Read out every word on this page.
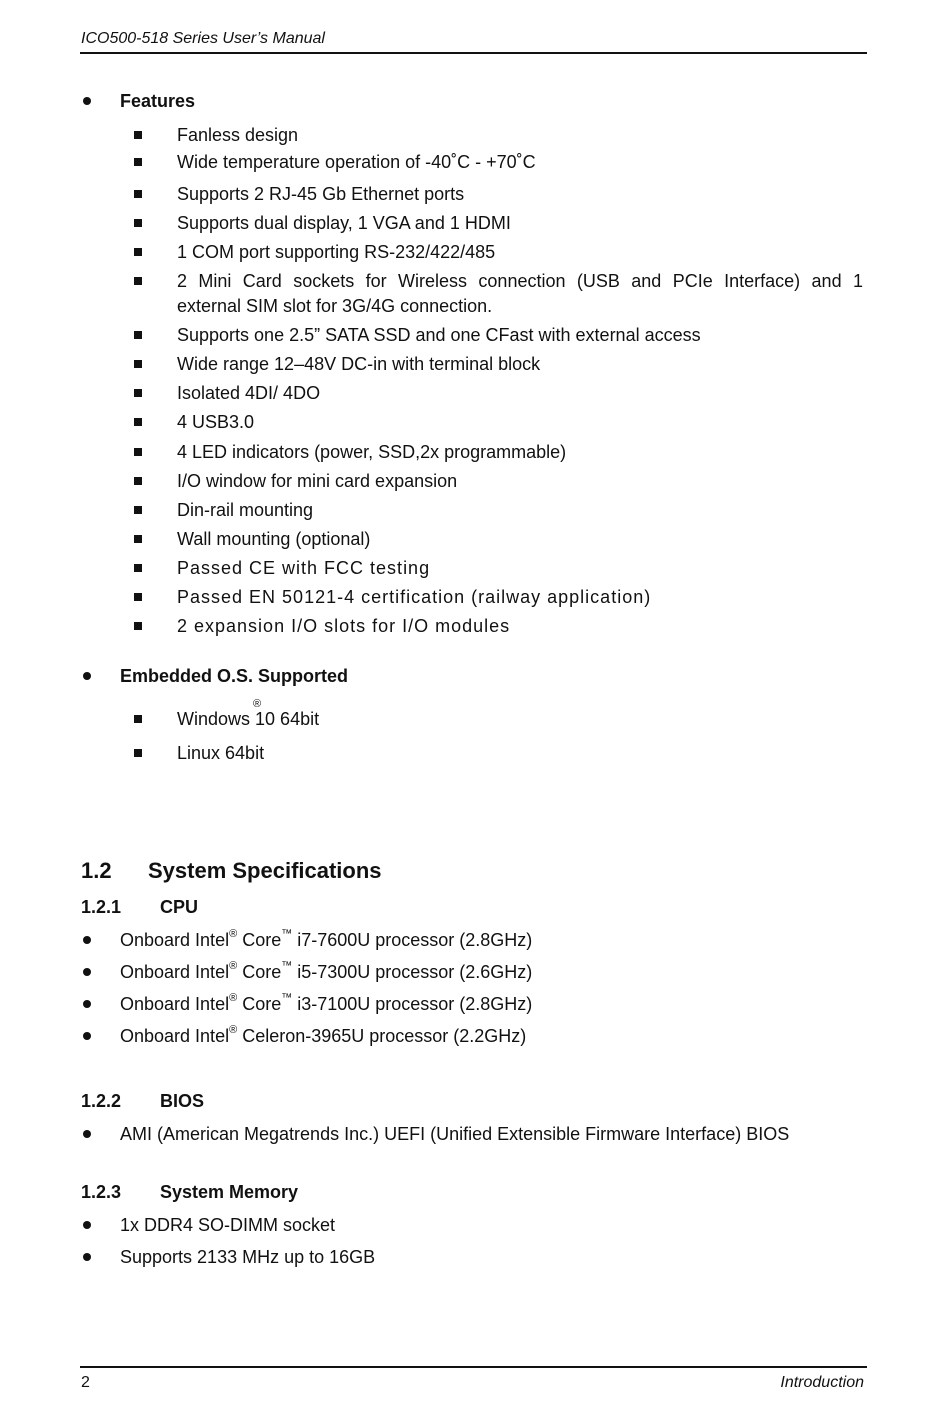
ICO500-518 Series User’s Manual
Features
Fanless design
Wide temperature operation of -40˚C - +70˚C
Supports 2 RJ-45 Gb Ethernet ports
Supports dual display, 1 VGA and 1 HDMI
1 COM port supporting RS-232/422/485
2 Mini Card sockets for Wireless connection (USB and PCIe Interface) and 1
external SIM slot for 3G/4G connection.
Supports one 2.5” SATA SSD and one CFast with external access
Wide range 12–48V DC-in with terminal block
Isolated 4DI/ 4DO
4 USB3.0
4 LED indicators (power, SSD,2x programmable)
I/O window for mini card expansion
Din-rail mounting
Wall mounting (optional)
Passed CE with FCC testing
Passed EN 50121-4 certification (railway application)
2 expansion I/O slots for I/O modules
Embedded O.S. Supported
Windows
®
10 64bit
Linux 64bit
1.2 System Specifications
1.2.1 CPU
Onboard Intel® Core™ i7-7600U processor (2.8GHz)
Onboard Intel® Core™ i5-7300U processor (2.6GHz)
Onboard Intel® Core™ i3-7100U processor (2.8GHz)
Onboard Intel® Celeron-3965U processor (2.2GHz)
1.2.2 BIOS
AMI (American Megatrends Inc.) UEFI (Unified Extensible Firmware Interface) BIOS
1.2.3 System Memory
1x DDR4 SO-DIMM socket
Supports 2133 MHz up to 16GB
2	Introduction
